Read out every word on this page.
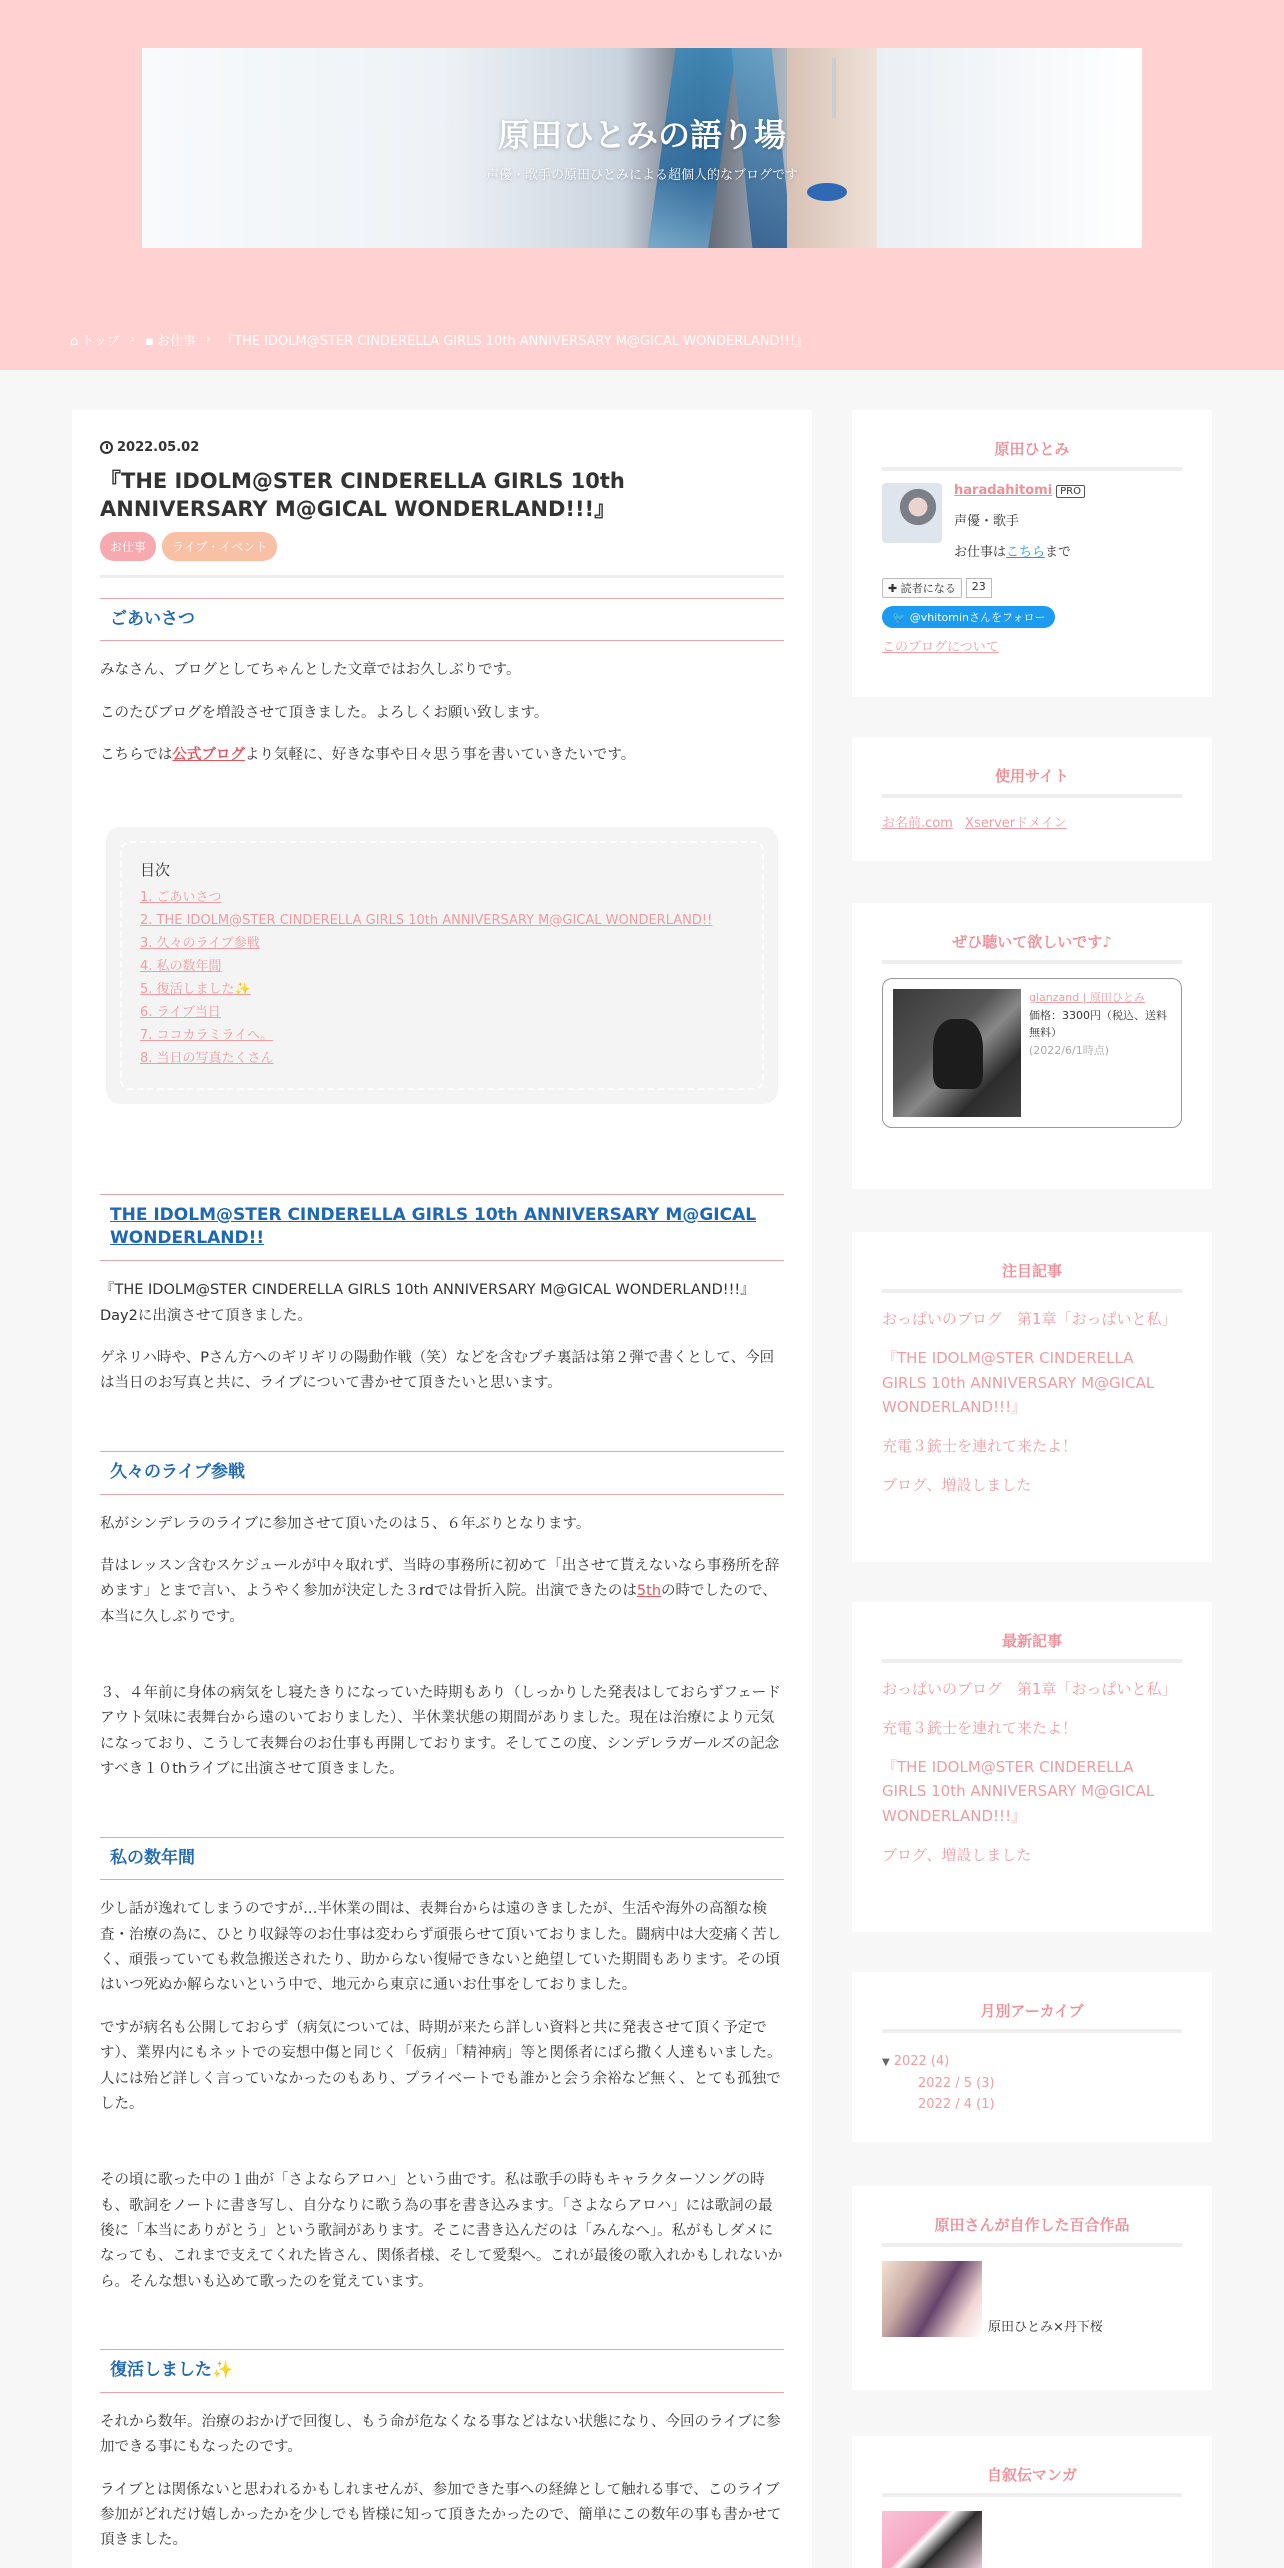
原田ひとみの語り場
声優・歌手の原田ひとみによる超個人的なブログです
⌂ トップ › ▪ お仕事 › 『THE IDOLM@STER CINDERELLA GIRLS 10th ANNIVERSARY M@GICAL WONDERLAND!!!』
2022.05.02
『THE IDOLM@STER CINDERELLA GIRLS 10th ANNIVERSARY M@GICAL WONDERLAND!!!』
お仕事	ライブ・イベント
ごあいさつ

みなさん、ブログとしてちゃんとした文章ではお久しぶりです。

このたびブログを増設させて頂きました。よろしくお願い致します。

こちらでは公式ブログより気軽に、好きな事や日々思う事を書いていきたいです。

目次
1. ごあいさつ
2. THE IDOLM@STER CINDERELLA GIRLS 10th ANNIVERSARY M@GICAL WONDERLAND!!
3. 久々のライブ参戦
4. 私の数年間
5. 復活しました✨
6. ライブ当日
7. ココカラミライへ。
8. 当日の写真たくさん
THE IDOLM@STER CINDERELLA GIRLS 10th ANNIVERSARY M@GICAL WONDERLAND!!

『THE IDOLM@STER CINDERELLA GIRLS 10th ANNIVERSARY M@GICAL WONDERLAND!!!』Day2に出演させて頂きました。

ゲネリハ時や、Pさん方へのギリギリの陽動作戦（笑）などを含むプチ裏話は第２弾で書くとして、今回は当日のお写真と共に、ライブについて書かせて頂きたいと思います。

久々のライブ参戦

私がシンデレラのライブに参加させて頂いたのは５、６年ぶりとなります。

昔はレッスン含むスケジュールが中々取れず、当時の事務所に初めて「出させて貰えないなら事務所を辞めます」とまで言い、ようやく参加が決定した３rdでは骨折入院。出演できたのは5thの時でしたので、本当に久しぶりです。

３、４年前に身体の病気をし寝たきりになっていた時期もあり（しっかりした発表はしておらずフェードアウト気味に表舞台から遠のいておりました）、半休業状態の期間がありました。現在は治療により元気になっており、こうして表舞台のお仕事も再開しております。そしてこの度、シンデレラガールズの記念すべき１０thライブに出演させて頂きました。

私の数年間

少し話が逸れてしまうのですが…半休業の間は、表舞台からは遠のきましたが、生活や海外の高額な検査・治療の為に、ひとり収録等のお仕事は変わらず頑張らせて頂いておりました。闘病中は大変痛く苦しく、頑張っていても救急搬送されたり、助からない復帰できないと絶望していた期間もあります。その頃はいつ死ぬか解らないという中で、地元から東京に通いお仕事をしておりました。

ですが病名も公開しておらず（病気については、時期が来たら詳しい資料と共に発表させて頂く予定です）、業界内にもネットでの妄想中傷と同じく「仮病」「精神病」等と関係者にばら撒く人達もいました。人には殆ど詳しく言っていなかったのもあり、プライベートでも誰かと会う余裕など無く、とても孤独でした。

その頃に歌った中の１曲が「さよならアロハ」という曲です。私は歌手の時もキャラクターソングの時も、歌詞をノートに書き写し、自分なりに歌う為の事を書き込みます。「さよならアロハ」には歌詞の最後に「本当にありがとう」という歌詞があります。そこに書き込んだのは「みんなへ」。私がもしダメになっても、これまで支えてくれた皆さん、関係者様、そして愛梨へ。これが最後の歌入れかもしれないから。そんな想いも込めて歌ったのを覚えています。

復活しました✨

それから数年。治療のおかげで回復し、もう命が危なくなる事などはない状態になり、今回のライブに参加できる事にもなったのです。

ライブとは関係ないと思われるかもしれませんが、参加できた事への経緯として触れる事で、このライブ参加がどれだけ嬉しかったかを少しでも皆様に知って頂きたかったので、簡単にこの数年の事も書かせて頂きました。

原田ひとみ
haradahitomi PRO
声優・歌手
お仕事はこちらまで
✚ 読者になる	23
🐦 @vhitominさんをフォロー
このブログについて
使用サイト
お名前.com Xserverドメイン
ぜひ聴いて欲しいです♪
glanzand | 原田ひとみ
価格：3300円（税込、送料無料）
(2022/6/1時点)
注目記事
おっぱいのブログ　第1章「おっぱいと私」
『THE IDOLM@STER CINDERELLA GIRLS 10th ANNIVERSARY M@GICAL WONDERLAND!!!』
充電３銃士を連れて来たよ！
ブログ、増設しました
最新記事
おっぱいのブログ　第1章「おっぱいと私」
充電３銃士を連れて来たよ！
『THE IDOLM@STER CINDERELLA GIRLS 10th ANNIVERSARY M@GICAL WONDERLAND!!!』
ブログ、増設しました
月別アーカイブ
▼ 2022 (4)
2022 / 5 (3)
2022 / 4 (1)
原田さんが自作した百合作品
原田ひとみ×丹下桜
自叙伝マンガ
